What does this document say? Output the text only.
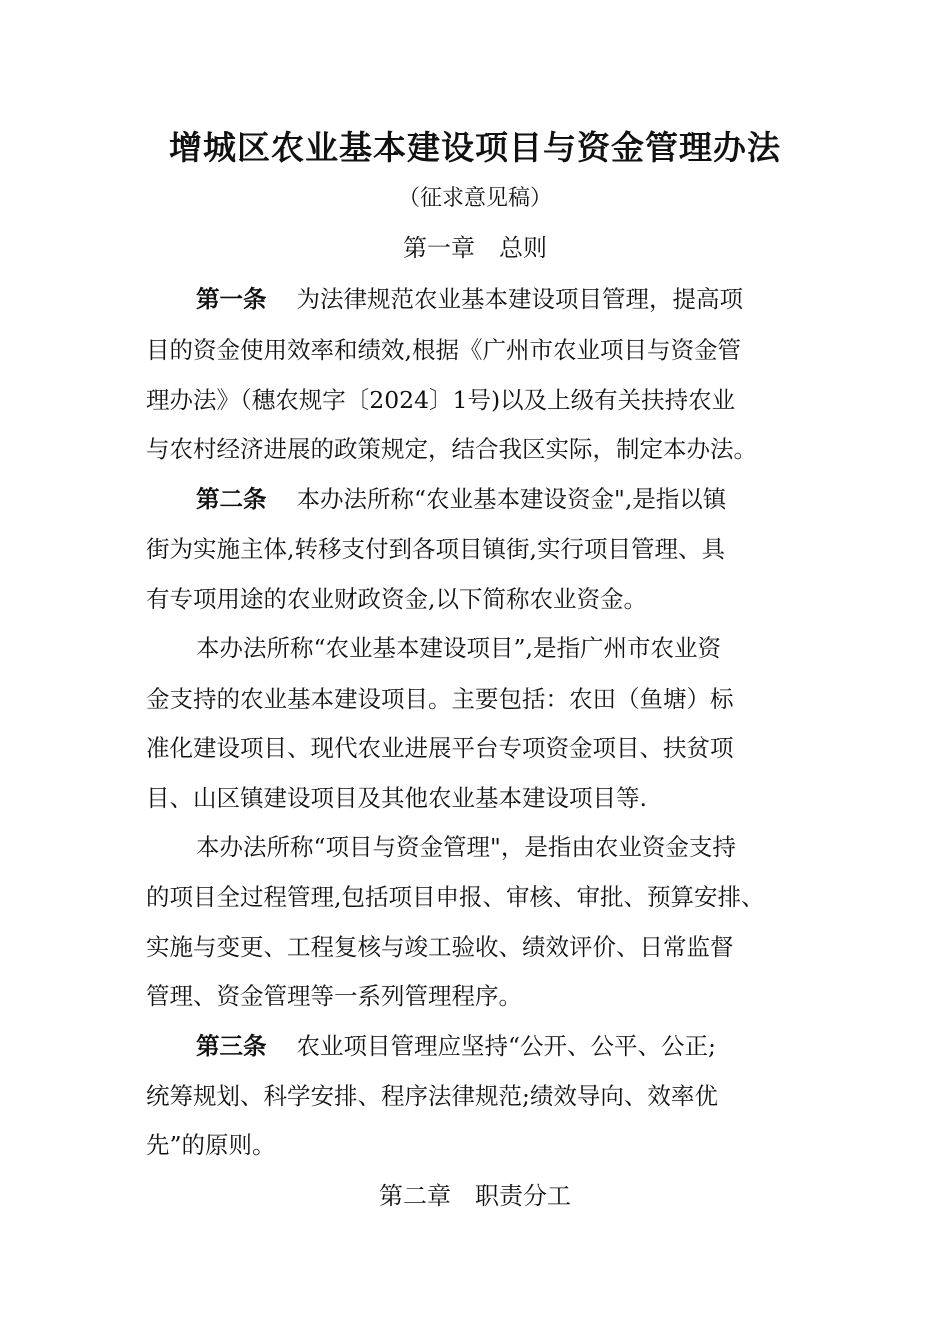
增城区农业基本建设项目与资金管理办法
（征求意见稿）
第一章 总则
第一条 为法律规范农业基本建设项目管理，提高项
目的资金使用效率和绩效,根据《广州市农业项目与资金管
理办法》（穗农规字〔2024〕1号)以及上级有关扶持农业
与农村经济进展的政策规定，结合我区实际，制定本办法。
第二条 本办法所称“农业基本建设资金",是指以镇
街为实施主体,转移支付到各项目镇街,实行项目管理、具
有专项用途的农业财政资金,以下简称农业资金。
本办法所称“农业基本建设项目”,是指广州市农业资
金支持的农业基本建设项目。主要包括：农田（鱼塘）标
准化建设项目、现代农业进展平台专项资金项目、扶贫项
目、山区镇建设项目及其他农业基本建设项目等.
本办法所称“项目与资金管理"，是指由农业资金支持
的项目全过程管理,包括项目申报、审核、审批、预算安排、
实施与变更、工程复核与竣工验收、绩效评价、日常监督
管理、资金管理等一系列管理程序。
第三条 农业项目管理应坚持“公开、公平、公正;
统筹规划、科学安排、程序法律规范;绩效导向、效率优
先”的原则。
第二章 职责分工
